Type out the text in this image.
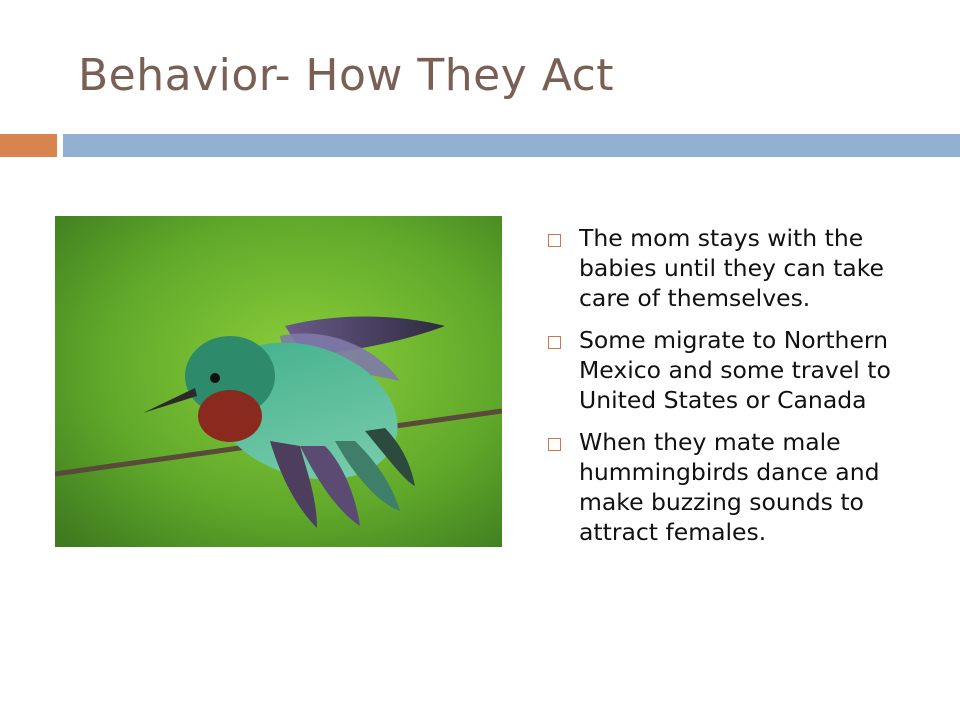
Behavior- How They Act
The mom stays with the babies until they can take care of themselves.
Some migrate to Northern Mexico and some travel to United States or Canada
When they mate male hummingbirds dance and make buzzing sounds to attract females.
